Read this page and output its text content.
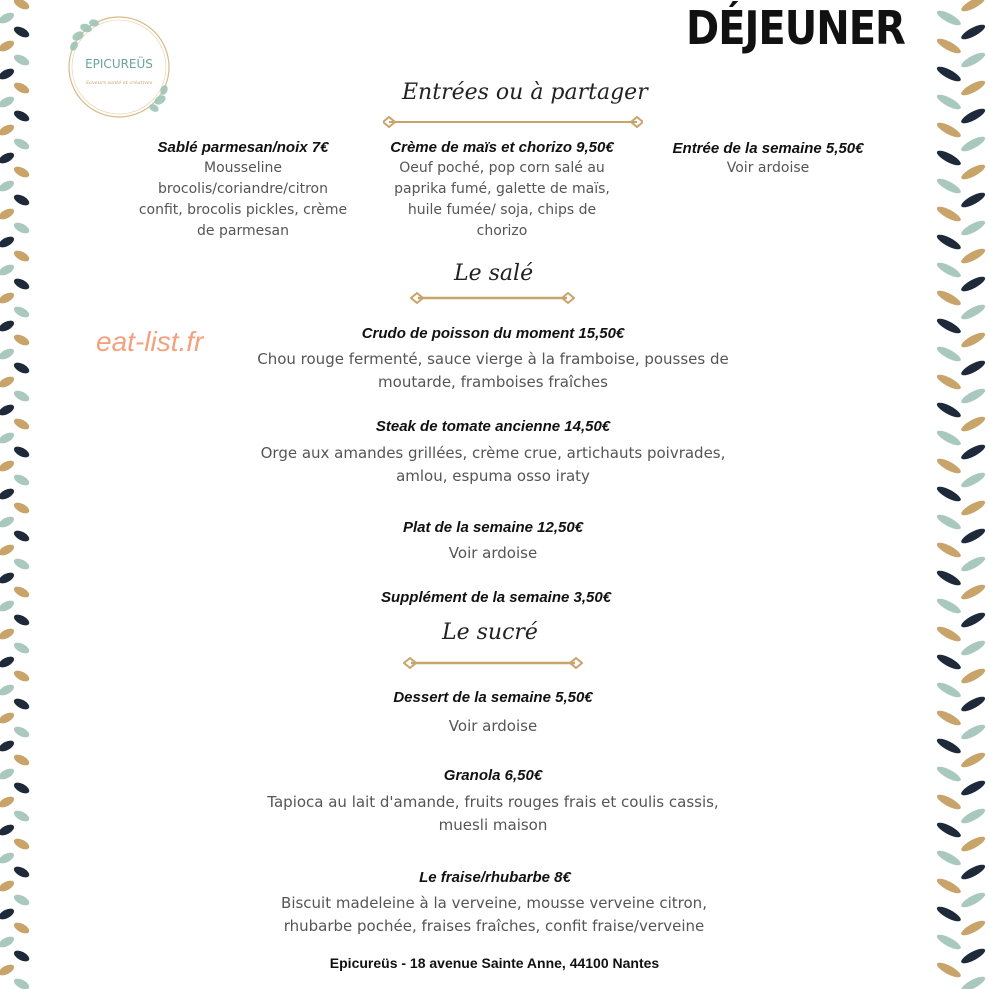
EPICUREÜS
Saveurs santé et créatives
DÉJEUNER
eat-list.fr
Entrées ou à partager
Sablé parmesan/noix 7€
Mousseline brocolis/coriandre/citron confit, brocolis pickles, crème de parmesan
Crème de maïs et chorizo 9,50€
Oeuf poché, pop corn salé au paprika fumé, galette de maïs, huile fumée/ soja, chips de chorizo
Entrée de la semaine 5,50€
Voir ardoise
Le salé
Crudo de poisson du moment 15,50€
Chou rouge fermenté, sauce vierge à la framboise, pousses de moutarde, framboises fraîches
Steak de tomate ancienne 14,50€
Orge aux amandes grillées, crème crue, artichauts poivrades, amlou, espuma osso iraty
Plat de la semaine 12,50€
Voir ardoise
Supplément de la semaine 3,50€
Le sucré
Dessert de la semaine 5,50€
Voir ardoise
Granola 6,50€
Tapioca au lait d'amande, fruits rouges frais et coulis cassis, muesli maison
Le fraise/rhubarbe 8€
Biscuit madeleine à la verveine, mousse verveine citron, rhubarbe pochée, fraises fraîches, confit fraise/verveine
Epicureüs - 18 avenue Sainte Anne, 44100 Nantes
